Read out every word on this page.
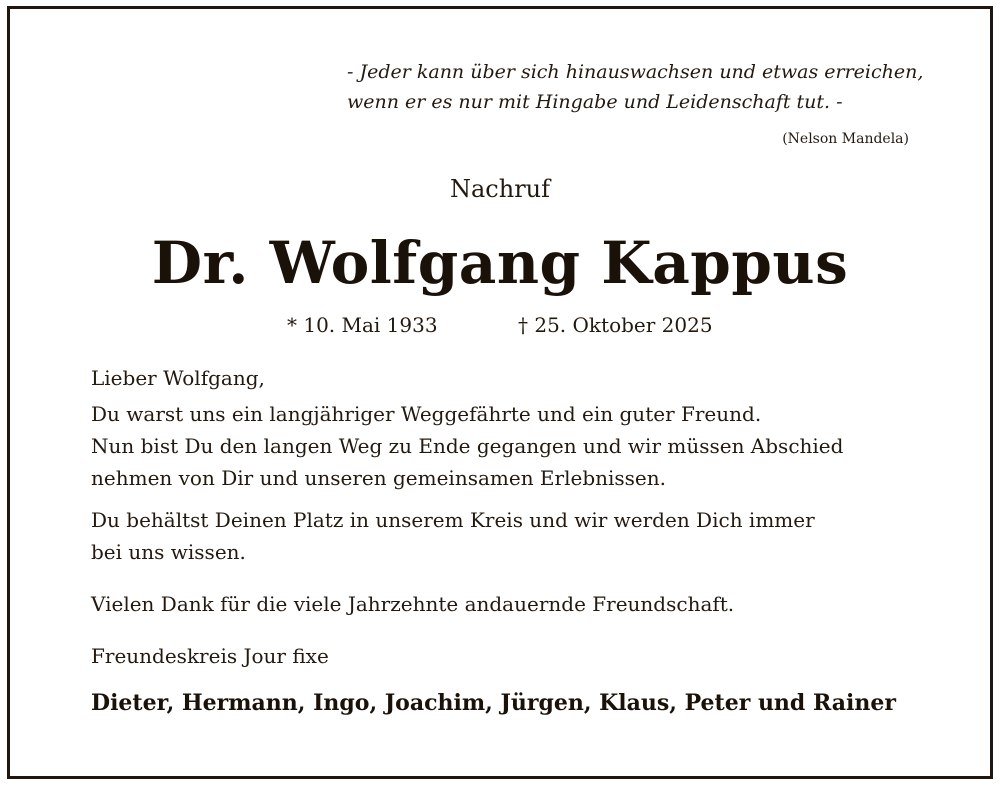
- Jeder kann über sich hinauswachsen und etwas erreichen,
wenn er es nur mit Hingabe und Leidenschaft tut. -
(Nelson Mandela)
Nachruf
Dr. Wolfgang Kappus
* 10. Mai 1933	† 25. Oktober 2025
Lieber Wolfgang,
Du warst uns ein langjähriger Weggefährte und ein guter Freund.
Nun bist Du den langen Weg zu Ende gegangen und wir müssen Abschied
nehmen von Dir und unseren gemeinsamen Erlebnissen.
Du behältst Deinen Platz in unserem Kreis und wir werden Dich immer
bei uns wissen.
Vielen Dank für die viele Jahrzehnte andauernde Freundschaft.
Freundeskreis Jour fixe
Dieter, Hermann, Ingo, Joachim, Jürgen, Klaus, Peter und Rainer
